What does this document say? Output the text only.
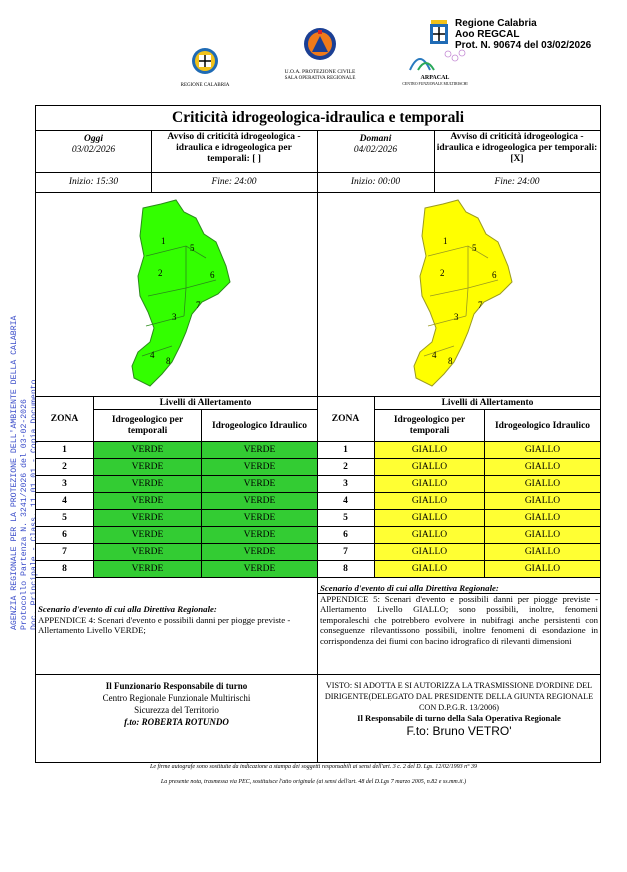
REGIONE CALABRIA
U.O.A. PROTEZIONE CIVILE
SALA OPERATIVA REGIONALE	ARPACAL
CENTRO FUNZIONALE MULTIRISCHI
Regione Calabria
Aoo REGCAL
Prot. N. 90674 del 03/02/2026
AGENZIA REGIONALE PER LA PROTEZIONE DELL'AMBIENTE DELLA CALABRIA Protocollo Partenza N. 3241/2026 del 03-02-2026 Doc. Principale - Class. 11.01.01 - Copia Documento
Criticità idrogeologica-idraulica e temporali
Oggi
03/02/2026
Avviso di criticità idrogeologica - idraulica e idrogeologica per temporali: [ ]
Inizio: 15:30	Fine: 24:00
Domani
04/02/2026
Avviso di criticità idrogeologica - idraulica e idrogeologica per temporali: [X]
Inizio: 00:00	Fine: 24:00
1
2
3
4
5
6
7
8
1
2
3
4
5
6
7
8
ZONA
Livelli di Allertamento
Idrogeologico per temporali	Idrogeologico Idraulico
1	VERDE	VERDE
2	VERDE	VERDE
3	VERDE	VERDE
4	VERDE	VERDE
5	VERDE	VERDE
6	VERDE	VERDE
7	VERDE	VERDE
8	VERDE	VERDE
ZONA
Livelli di Allertamento
Idrogeologico per temporali	Idrogeologico Idraulico
1	GIALLO	GIALLO
2	GIALLO	GIALLO
3	GIALLO	GIALLO
4	GIALLO	GIALLO
5	GIALLO	GIALLO
6	GIALLO	GIALLO
7	GIALLO	GIALLO
8	GIALLO	GIALLO
Scenario d'evento di cui alla Direttiva Regionale:
APPENDICE 4: Scenari d'evento e possibili danni per piogge previste - Allertamento Livello VERDE;
Scenario d'evento di cui alla Direttiva Regionale:
APPENDICE 5: Scenari d'evento e possibili danni per piogge previste - Allertamento Livello GIALLO; sono possibili, inoltre, fenomeni temporaleschi che potrebbero evolvere in nubifragi anche persistenti con conseguenze rilevantissono possibili, inoltre fenomeni di esondazione in corrispondenza dei fiumi con bacino idrografico di rilevanti dimensioni
Il Funzionario Responsabile di turno
Centro Regionale Funzionale Multirischi
Sicurezza del Territorio
f.to: ROBERTA ROTUNDO
VISTO: SI ADOTTA E SI AUTORIZZA LA TRASMISSIONE D'ORDINE DEL DIRIGENTE(DELEGATO DAL PRESIDENTE DELLA GIUNTA REGIONALE CON D.P.G.R. 13/2006)
Il Responsabile di turno della Sala Operativa Regionale
F.to: Bruno VETRO'
Le firme autografe sono sostituite da indicazione a stampa dei soggetti responsabili ai sensi dell'art. 3 c. 2 del D. Lgs. 12/02/1993 n° 39
La presente nota, trasmessa via PEC, sostituisce l'atto originale (ai sensi dell'art. 48 del D.Lgs 7 marzo 2005, n.82 e ss.mm.ii.)
